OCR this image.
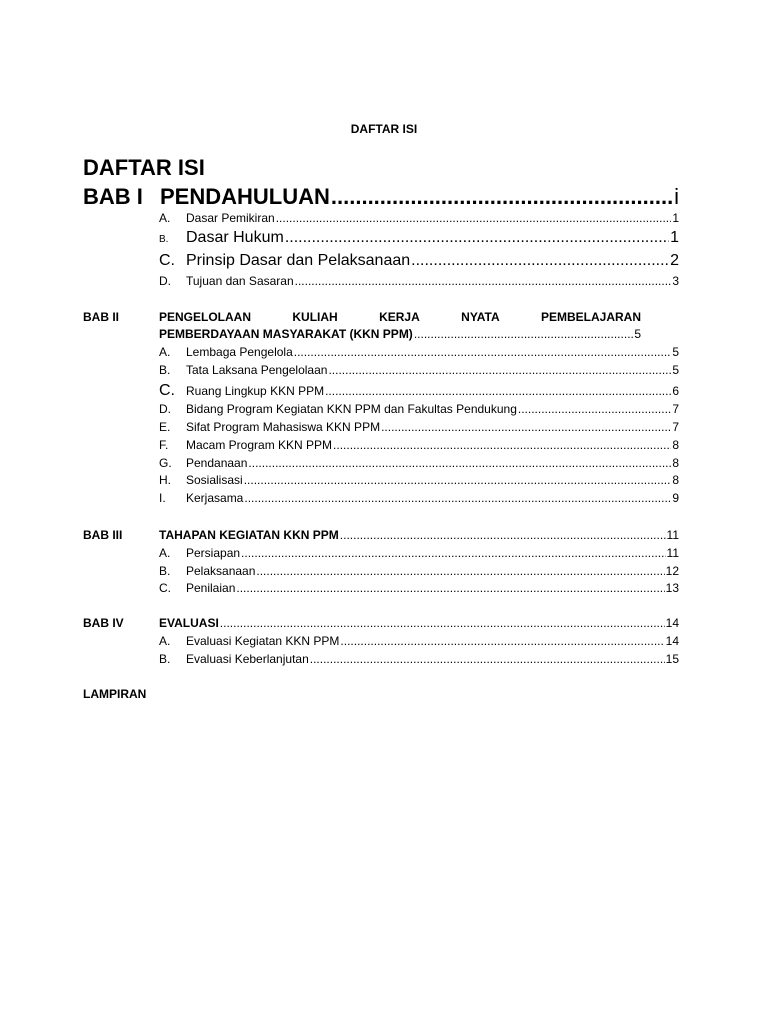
DAFTAR ISI
DAFTAR ISI
BAB I PENDAHULUAN .....	i
A.	Dasar Pemikiran .....	1
B.	Dasar Hukum .....	1
C. Prinsip Dasar dan Pelaksanaan .....	2
D.	Tujuan dan Sasaran .....	3
BAB II	PENGELOLAAN	KULIAH	KERJA	NYATA	PEMBELAJARAN
PEMBERDAYAAN MASYARAKAT (KKN PPM) .....	5
A.	Lembaga Pengelola .....	5
B.	Tata Laksana Pengelolaan .....	5
C. Ruang Lingkup KKN PPM .....	6
D.	Bidang Program Kegiatan KKN PPM dan Fakultas Pendukung .....	7
E.	Sifat Program Mahasiswa KKN PPM .....	7
F.	Macam Program KKN PPM .....	8
G.	Pendanaan .....	8
H.	Sosialisasi .....	8
I.	Kerjasama .....	9
BAB III	TAHAPAN KEGIATAN KKN PPM .....	11
A.	Persiapan .....	11
B.	Pelaksanaan .....	12
C.	Penilaian .....	13
BAB IV	EVALUASI .....	14
A.	Evaluasi Kegiatan KKN PPM .....	14
B.	Evaluasi Keberlanjutan .....	15
LAMPIRAN
